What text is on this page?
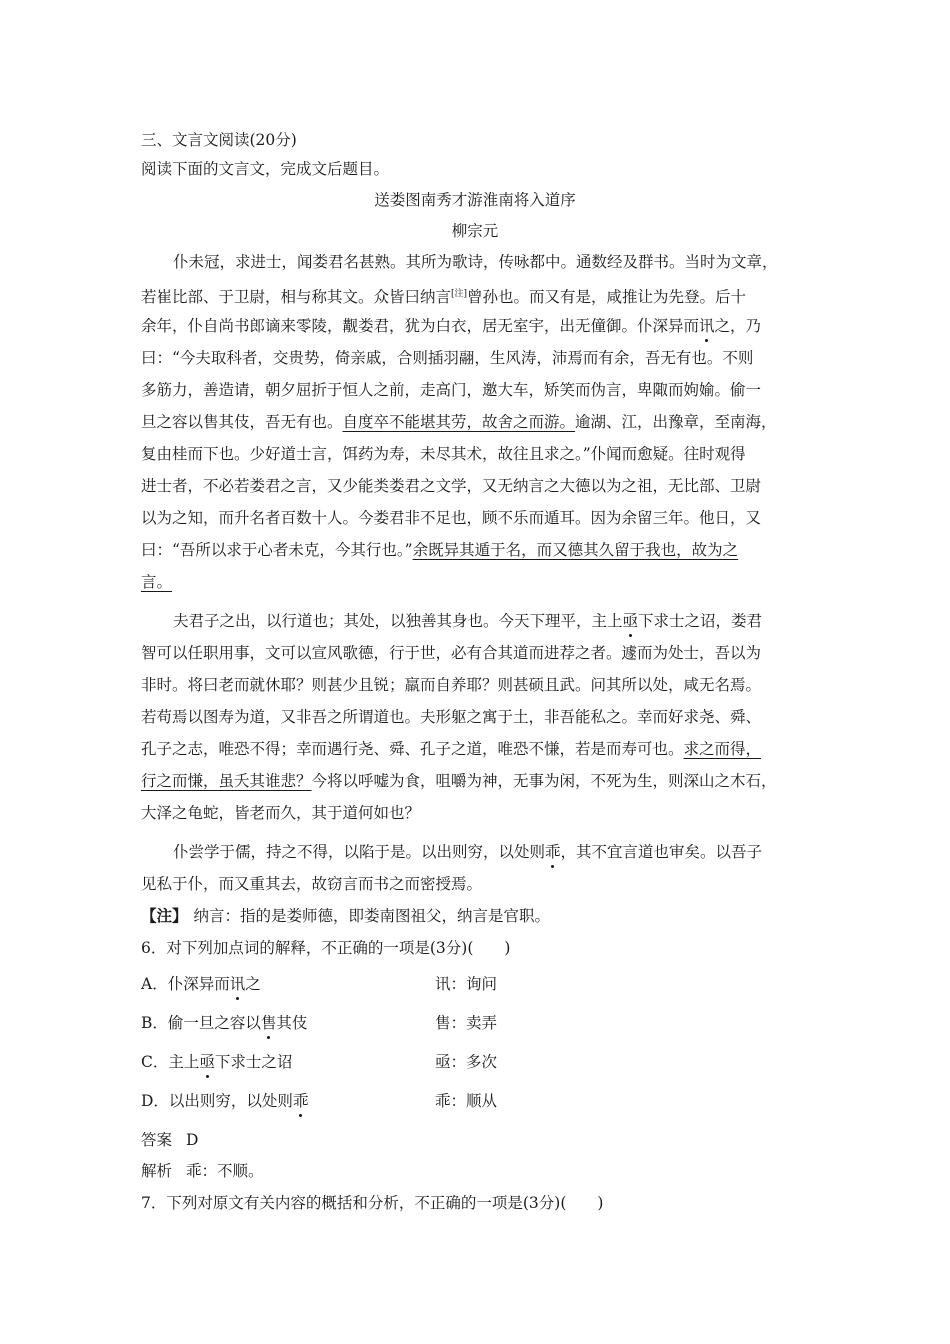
三、文言文阅读(20分)
阅读下面的文言文，完成文后题目。
送娄图南秀才游淮南将入道序
柳宗元
仆未冠，求进士，闻娄君名甚熟。其所为歌诗，传咏都中。通数经及群书。当时为文章，
若崔比部、于卫尉，相与称其文。众皆曰纳言[注]曾孙也。而又有是，咸推让为先登。后十
余年，仆自尚书郎谪来零陵，觏娄君，犹为白衣，居无室宇，出无僮御。仆深异而讯之，乃
曰：“今夫取科者，交贵势，倚亲戚，合则插羽翮，生风涛，沛焉而有余，吾无有也。不则
多筋力，善造请，朝夕屈折于恒人之前，走高门，邀大车，矫笑而伪言，卑陬而姁媮。偷一
旦之容以售其伎，吾无有也。自度卒不能堪其劳，故舍之而游。逾湖、江，出豫章，至南海，
复由桂而下也。少好道士言，饵药为寿，未尽其术，故往且求之。”仆闻而愈疑。往时观得
进士者，不必若娄君之言，又少能类娄君之文学，又无纳言之大德以为之祖，无比部、卫尉
以为之知，而升名者百数十人。今娄君非不足也，顾不乐而遁耳。因为余留三年。他日，又
曰：“吾所以求于心者未克，今其行也。”余既异其遁于名，而又德其久留于我也，故为之
言。
夫君子之出，以行道也；其处，以独善其身也。今天下理平，主上亟下求士之诏，娄君
智可以任职用事，文可以宣风歌德，行于世，必有合其道而进荐之者。遽而为处士，吾以为
非时。将曰老而就休耶？则甚少且锐；羸而自养耶？则甚硕且武。问其所以处，咸无名焉。
若苟焉以图寿为道，又非吾之所谓道也。夫形躯之寓于土，非吾能私之。幸而好求尧、舜、
孔子之志，唯恐不得；幸而遇行尧、舜、孔子之道，唯恐不慊，若是而寿可也。求之而得，
行之而慊，虽夭其谁悲？今将以呼嘘为食，咀嚼为神，无事为闲，不死为生，则深山之木石，
大泽之龟蛇，皆老而久，其于道何如也？
仆尝学于儒，持之不得，以陷于是。以出则穷，以处则乖，其不宜言道也审矣。以吾子
见私于仆，而又重其去，故窃言而书之而密授焉。
【注】 纳言：指的是娄师德，即娄南图祖父，纳言是官职。
6．对下列加点词的解释，不正确的一项是(3分)(　　)
A．仆深异而讯之	讯：询问
B．偷一旦之容以售其伎	售：卖弄
C．主上亟下求士之诏	亟：多次
D．以出则穷，以处则乖	乖：顺从
答案 D
解析 乖：不顺。
7．下列对原文有关内容的概括和分析，不正确的一项是(3分)(　　)
